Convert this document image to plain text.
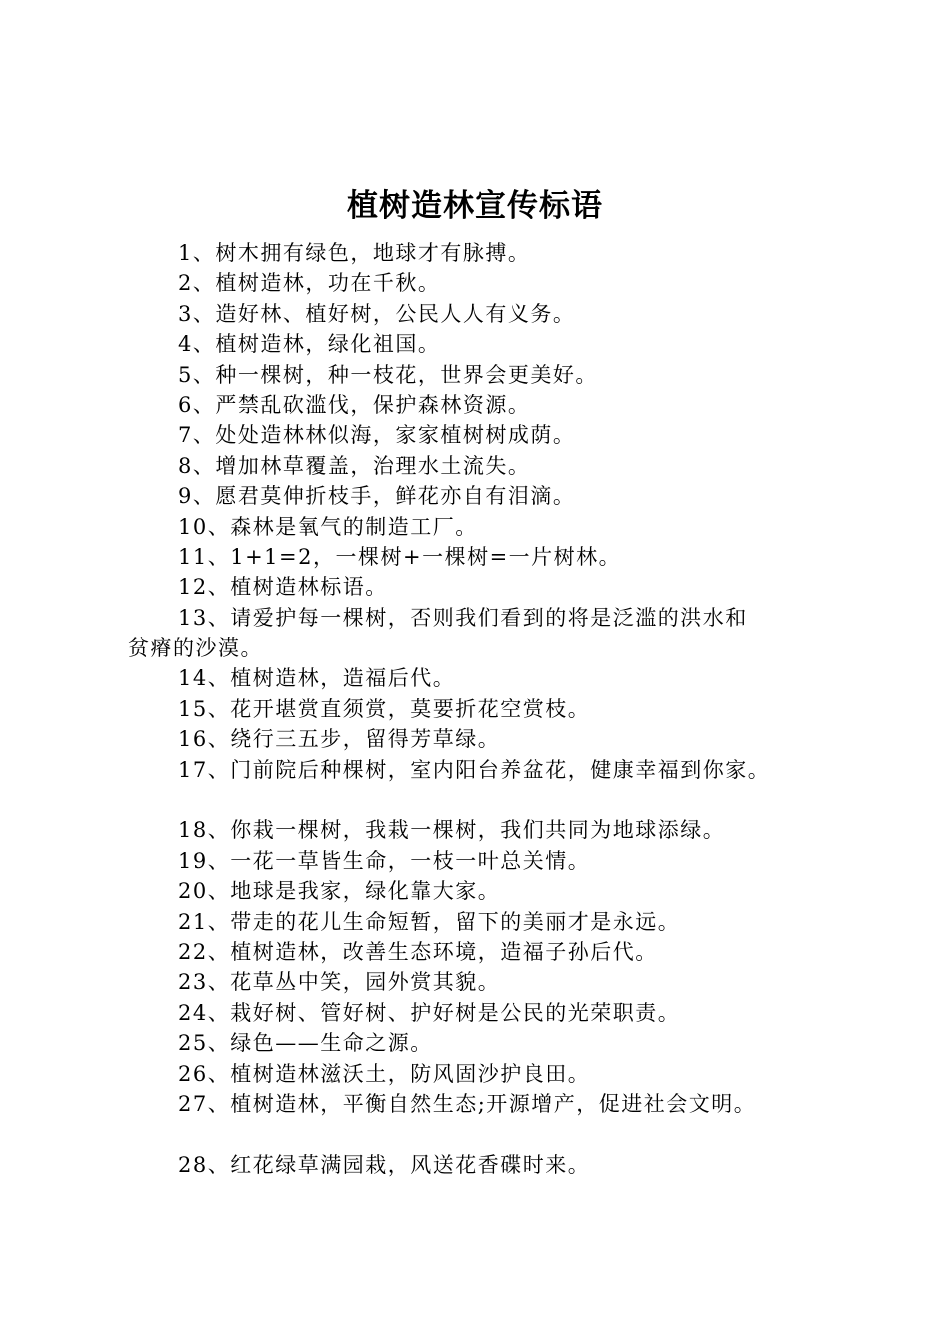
植树造林宣传标语
1、树木拥有绿色，地球才有脉搏。
2、植树造林，功在千秋。
3、造好林、植好树，公民人人有义务。
4、植树造林，绿化祖国。
5、种一棵树，种一枝花，世界会更美好。
6、严禁乱砍滥伐，保护森林资源。
7、处处造林林似海，家家植树树成荫。
8、增加林草覆盖，治理水土流失。
9、愿君莫伸折枝手，鲜花亦自有泪滴。
10、森林是氧气的制造工厂。
11、1+1=2，一棵树+一棵树=一片树林。
12、植树造林标语。
13、请爱护每一棵树，否则我们看到的将是泛滥的洪水和
贫瘠的沙漠。
14、植树造林，造福后代。
15、花开堪赏直须赏，莫要折花空赏枝。
16、绕行三五步，留得芳草绿。
17、门前院后种棵树，室内阳台养盆花，健康幸福到你家。
18、你栽一棵树，我栽一棵树，我们共同为地球添绿。
19、一花一草皆生命，一枝一叶总关情。
20、地球是我家，绿化靠大家。
21、带走的花儿生命短暂，留下的美丽才是永远。
22、植树造林，改善生态环境，造福子孙后代。
23、花草丛中笑，园外赏其貌。
24、栽好树、管好树、护好树是公民的光荣职责。
25、绿色——生命之源。
26、植树造林滋沃土，防风固沙护良田。
27、植树造林，平衡自然生态;开源增产，促进社会文明。
28、红花绿草满园栽，风送花香碟时来。
